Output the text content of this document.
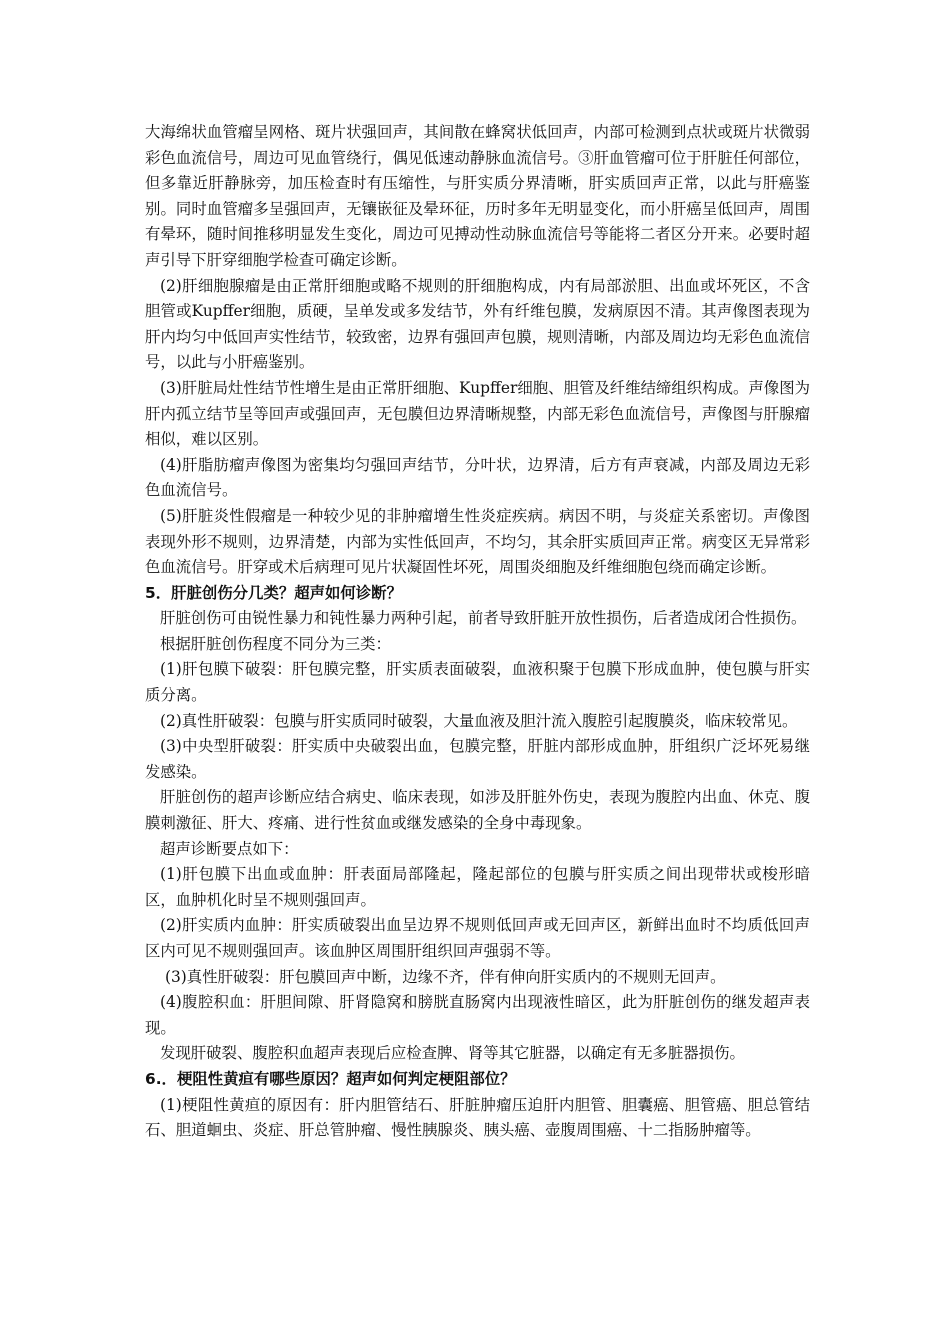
大海绵状血管瘤呈网格、斑片状强回声，其间散在蜂窝状低回声，内部可检测到点状或斑片状微弱彩色血流信号，周边可见血管绕行，偶见低速动静脉血流信号。③肝血管瘤可位于肝脏任何部位，但多靠近肝静脉旁，加压检查时有压缩性，与肝实质分界清晰，肝实质回声正常，以此与肝癌鉴别。同时血管瘤多呈强回声，无镶嵌征及晕环征，历时多年无明显变化，而小肝癌呈低回声，周围有晕环，随时间推移明显发生变化，周边可见搏动性动脉血流信号等能将二者区分开来。必要时超声引导下肝穿细胞学检查可确定诊断。

(2)肝细胞腺瘤是由正常肝细胞或略不规则的肝细胞构成，内有局部淤胆、出血或坏死区，不含胆管或Kupffer细胞，质硬，呈单发或多发结节，外有纤维包膜，发病原因不清。其声像图表现为肝内均匀中低回声实性结节，较致密，边界有强回声包膜，规则清晰，内部及周边均无彩色血流信号，以此与小肝癌鉴别。

(3)肝脏局灶性结节性增生是由正常肝细胞、Kupffer细胞、胆管及纤维结缔组织构成。声像图为肝内孤立结节呈等回声或强回声，无包膜但边界清晰规整，内部无彩色血流信号，声像图与肝腺瘤相似，难以区别。

(4)肝脂肪瘤声像图为密集均匀强回声结节，分叶状，边界清，后方有声衰减，内部及周边无彩色血流信号。

(5)肝脏炎性假瘤是一种较少见的非肿瘤增生性炎症疾病。病因不明，与炎症关系密切。声像图表现外形不规则，边界清楚，内部为实性低回声，不均匀，其余肝实质回声正常。病变区无异常彩色血流信号。肝穿或术后病理可见片状凝固性坏死，周围炎细胞及纤维细胞包绕而确定诊断。

5．肝脏创伤分几类？超声如何诊断？

肝脏创伤可由锐性暴力和钝性暴力两种引起，前者导致肝脏开放性损伤，后者造成闭合性损伤。

根据肝脏创伤程度不同分为三类：

(1)肝包膜下破裂：肝包膜完整，肝实质表面破裂，血液积聚于包膜下形成血肿，使包膜与肝实质分离。

(2)真性肝破裂：包膜与肝实质同时破裂，大量血液及胆汁流入腹腔引起腹膜炎，临床较常见。

(3)中央型肝破裂：肝实质中央破裂出血，包膜完整，肝脏内部形成血肿，肝组织广泛坏死易继发感染。

肝脏创伤的超声诊断应结合病史、临床表现，如涉及肝脏外伤史，表现为腹腔内出血、休克、腹膜刺激征、肝大、疼痛、进行性贫血或继发感染的全身中毒现象。

超声诊断要点如下：

(1)肝包膜下出血或血肿：肝表面局部隆起，隆起部位的包膜与肝实质之间出现带状或梭形暗区，血肿机化时呈不规则强回声。

(2)肝实质内血肿：肝实质破裂出血呈边界不规则低回声或无回声区，新鲜出血时不均质低回声区内可见不规则强回声。该血肿区周围肝组织回声强弱不等。

(3)真性肝破裂：肝包膜回声中断，边缘不齐，伴有伸向肝实质内的不规则无回声。

(4)腹腔积血：肝胆间隙、肝肾隐窝和膀胱直肠窝内出现液性暗区，此为肝脏创伤的继发超声表现。

发现肝破裂、腹腔积血超声表现后应检查脾、肾等其它脏器，以确定有无多脏器损伤。

6.．梗阻性黄疸有哪些原因？超声如何判定梗阻部位？

(1)梗阻性黄疸的原因有：肝内胆管结石、肝脏肿瘤压迫肝内胆管、胆囊癌、胆管癌、胆总管结石、胆道蛔虫、炎症、肝总管肿瘤、慢性胰腺炎、胰头癌、壶腹周围癌、十二指肠肿瘤等。
